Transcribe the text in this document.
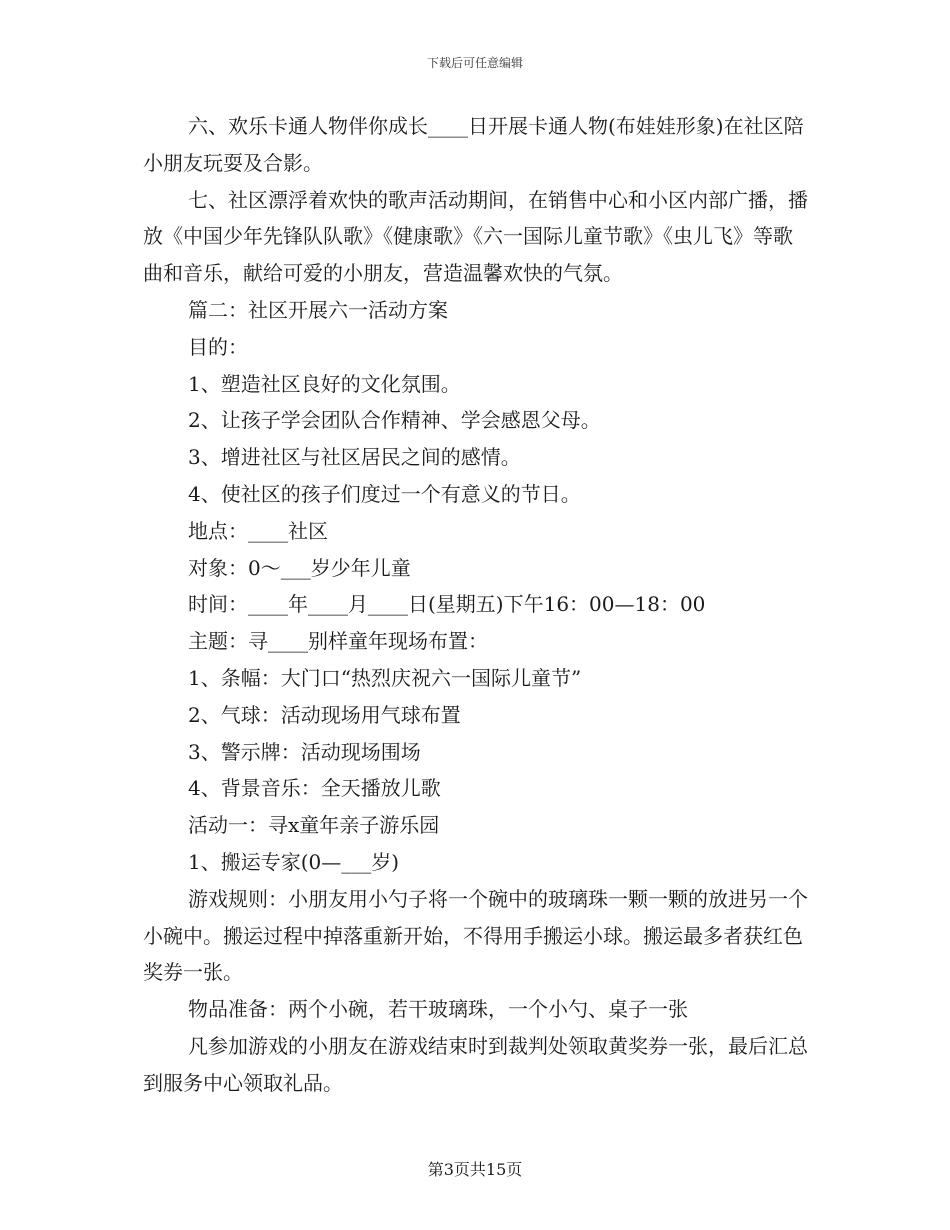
下载后可任意编辑

六、欢乐卡通人物伴你成长____日开展卡通人物(布娃娃形象)在社区陪小朋友玩耍及合影。

七、社区漂浮着欢快的歌声活动期间，在销售中心和小区内部广播，播放《中国少年先锋队队歌》《健康歌》《六一国际儿童节歌》《虫儿飞》等歌曲和音乐，献给可爱的小朋友，营造温馨欢快的气氛。

篇二：社区开展六一活动方案

目的：

1、塑造社区良好的文化氛围。

2、让孩子学会团队合作精神、学会感恩父母。

3、增进社区与社区居民之间的感情。

4、使社区的孩子们度过一个有意义的节日。

地点：____社区

对象：0～___岁少年儿童

时间：____年____月____日(星期五)下午16：00—18：00

主题：寻____别样童年现场布置：

1、条幅：大门口“热烈庆祝六一国际儿童节”

2、气球：活动现场用气球布置

3、警示牌：活动现场围场

4、背景音乐：全天播放儿歌

活动一：寻x童年亲子游乐园

1、搬运专家(0—___岁)

游戏规则：小朋友用小勺子将一个碗中的玻璃珠一颗一颗的放进另一个小碗中。搬运过程中掉落重新开始，不得用手搬运小球。搬运最多者获红色奖券一张。

物品准备：两个小碗，若干玻璃珠，一个小勺、桌子一张

凡参加游戏的小朋友在游戏结束时到裁判处领取黄奖券一张，最后汇总到服务中心领取礼品。

第3页共15页
